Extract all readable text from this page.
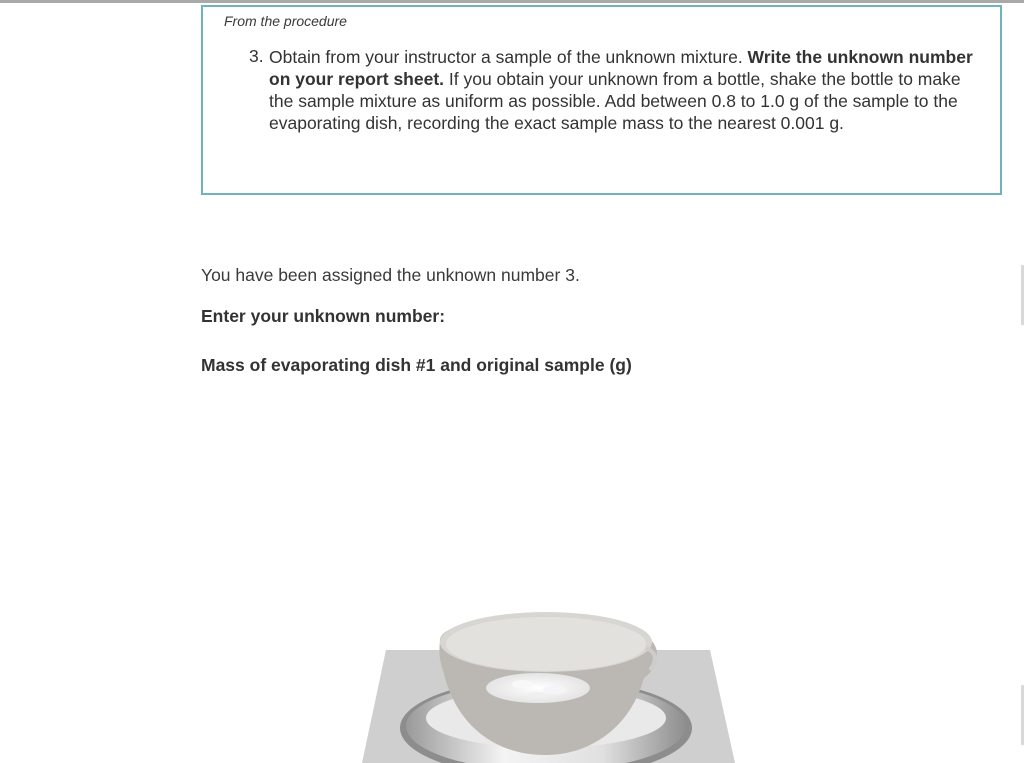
From the procedure
3. Obtain from your instructor a sample of the unknown mixture. Write the unknown number on your report sheet. If you obtain your unknown from a bottle, shake the bottle to make the sample mixture as uniform as possible. Add between 0.8 to 1.0 g of the sample to the evaporating dish, recording the exact sample mass to the nearest 0.001 g.
You have been assigned the unknown number 3.
Enter your unknown number:
Mass of evaporating dish #1 and original sample (g)
